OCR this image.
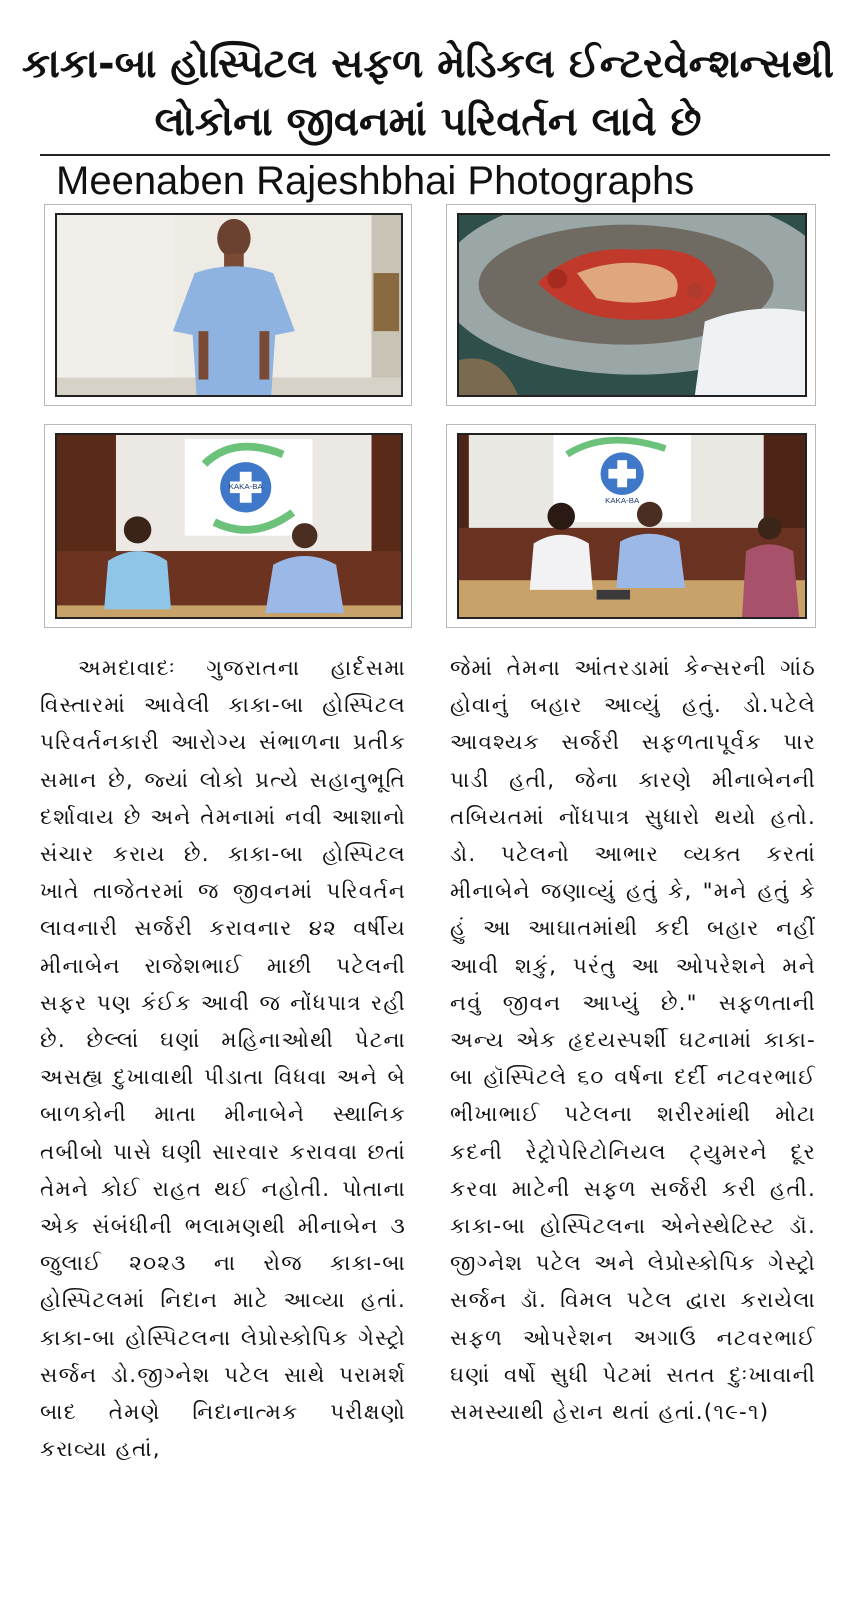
કાકા-બા હોસ્પિટલ સફળ મેડિકલ ઈન્ટરવેન્શન્સથી
લોકોના જીવનમાં પરિવર્તન લાવે છે
Meenaben Rajeshbhai Photographs
KAKA-BA
KAKA-BA

અમદાવાદઃ ગુજરાતના હાર્દસમા વિસ્તારમાં આવેલી કાકા-બા હોસ્પિટલ પરિવર્તનકારી આરોગ્ય સંભાળના પ્રતીક સમાન છે, જ્યાં લોકો પ્રત્યે સહાનુભૂતિ દર્શાવાય છે અને તેમનામાં નવી આશાનો સંચાર કરાય છે. કાકા-બા હોસ્પિટલ ખાતે તાજેતરમાં જ જીવનમાં પરિવર્તન લાવનારી સર્જરી કરાવનાર ૪૨ વર્ષીય મીનાબેન રાજેશભાઈ માછી પટેલની સફર પણ કંઈક આવી જ નોંધપાત્ર રહી છે. છેલ્લાં ઘણાં મહિનાઓથી પેટના અસહ્ય દુખાવાથી પીડાતા વિધવા અને બે બાળકોની માતા મીનાબેને સ્થાનિક તબીબો પાસે ઘણી સારવાર કરાવવા છતાં તેમને કોઈ રાહત થઈ નહોતી. પોતાના એક સંબંધીની ભલામણથી મીનાબેન ૩ જુલાઈ ૨૦૨૩ ના રોજ કાકા-બા હોસ્પિટલમાં નિદાન માટે આવ્યા હતાં. કાકા-બા હોસ્પિટલના લેપ્રોસ્કોપિક ગેસ્ટ્રો સર્જન ડો.જીગ્નેશ પટેલ સાથે પરામર્શ બાદ તેમણે નિદાનાત્મક પરીક્ષણો કરાવ્યા હતાં,

જેમાં તેમના આંતરડામાં કેન્સરની ગાંઠ હોવાનું બહાર આવ્યું હતું. ડો.પટેલે આવશ્યક સર્જરી સફળતાપૂર્વક પાર પાડી હતી, જેના કારણે મીનાબેનની તબિયતમાં નોંધપાત્ર સુધારો થયો હતો. ડો. પટેલનો આભાર વ્યક્ત કરતાં મીનાબેને જણાવ્યું હતું કે, "મને હતું કે હું આ આઘાતમાંથી કદી બહાર નહીં આવી શકું, પરંતુ આ ઓપરેશને મને નવું જીવન આપ્યું છે." સફળતાની અન્ય એક હૃદયસ્પર્શી ઘટનામાં કાકા-બા હૉસ્પિટલે ૬૦ વર્ષના દર્દી નટવરભાઈ ભીખાભાઈ પટેલના શરીરમાંથી મોટા કદની રેટ્રોપેરિટોનિયલ ટ્યુમરને દૂર કરવા માટેની સફળ સર્જરી કરી હતી. કાકા-બા હોસ્પિટલના એનેસ્થેટિસ્ટ ડૉ. જીગ્નેશ પટેલ અને લેપ્રોસ્કોપિક ગેસ્ટ્રો સર્જન ડૉ. વિમલ પટેલ દ્વારા કરાયેલા સફળ ઓપરેશન અગાઉ નટવરભાઈ ઘણાં વર્ષો સુધી પેટમાં સતત દુઃખાવાની સમસ્યાથી હેરાન થતાં હતાં.(૧૯-૧)
